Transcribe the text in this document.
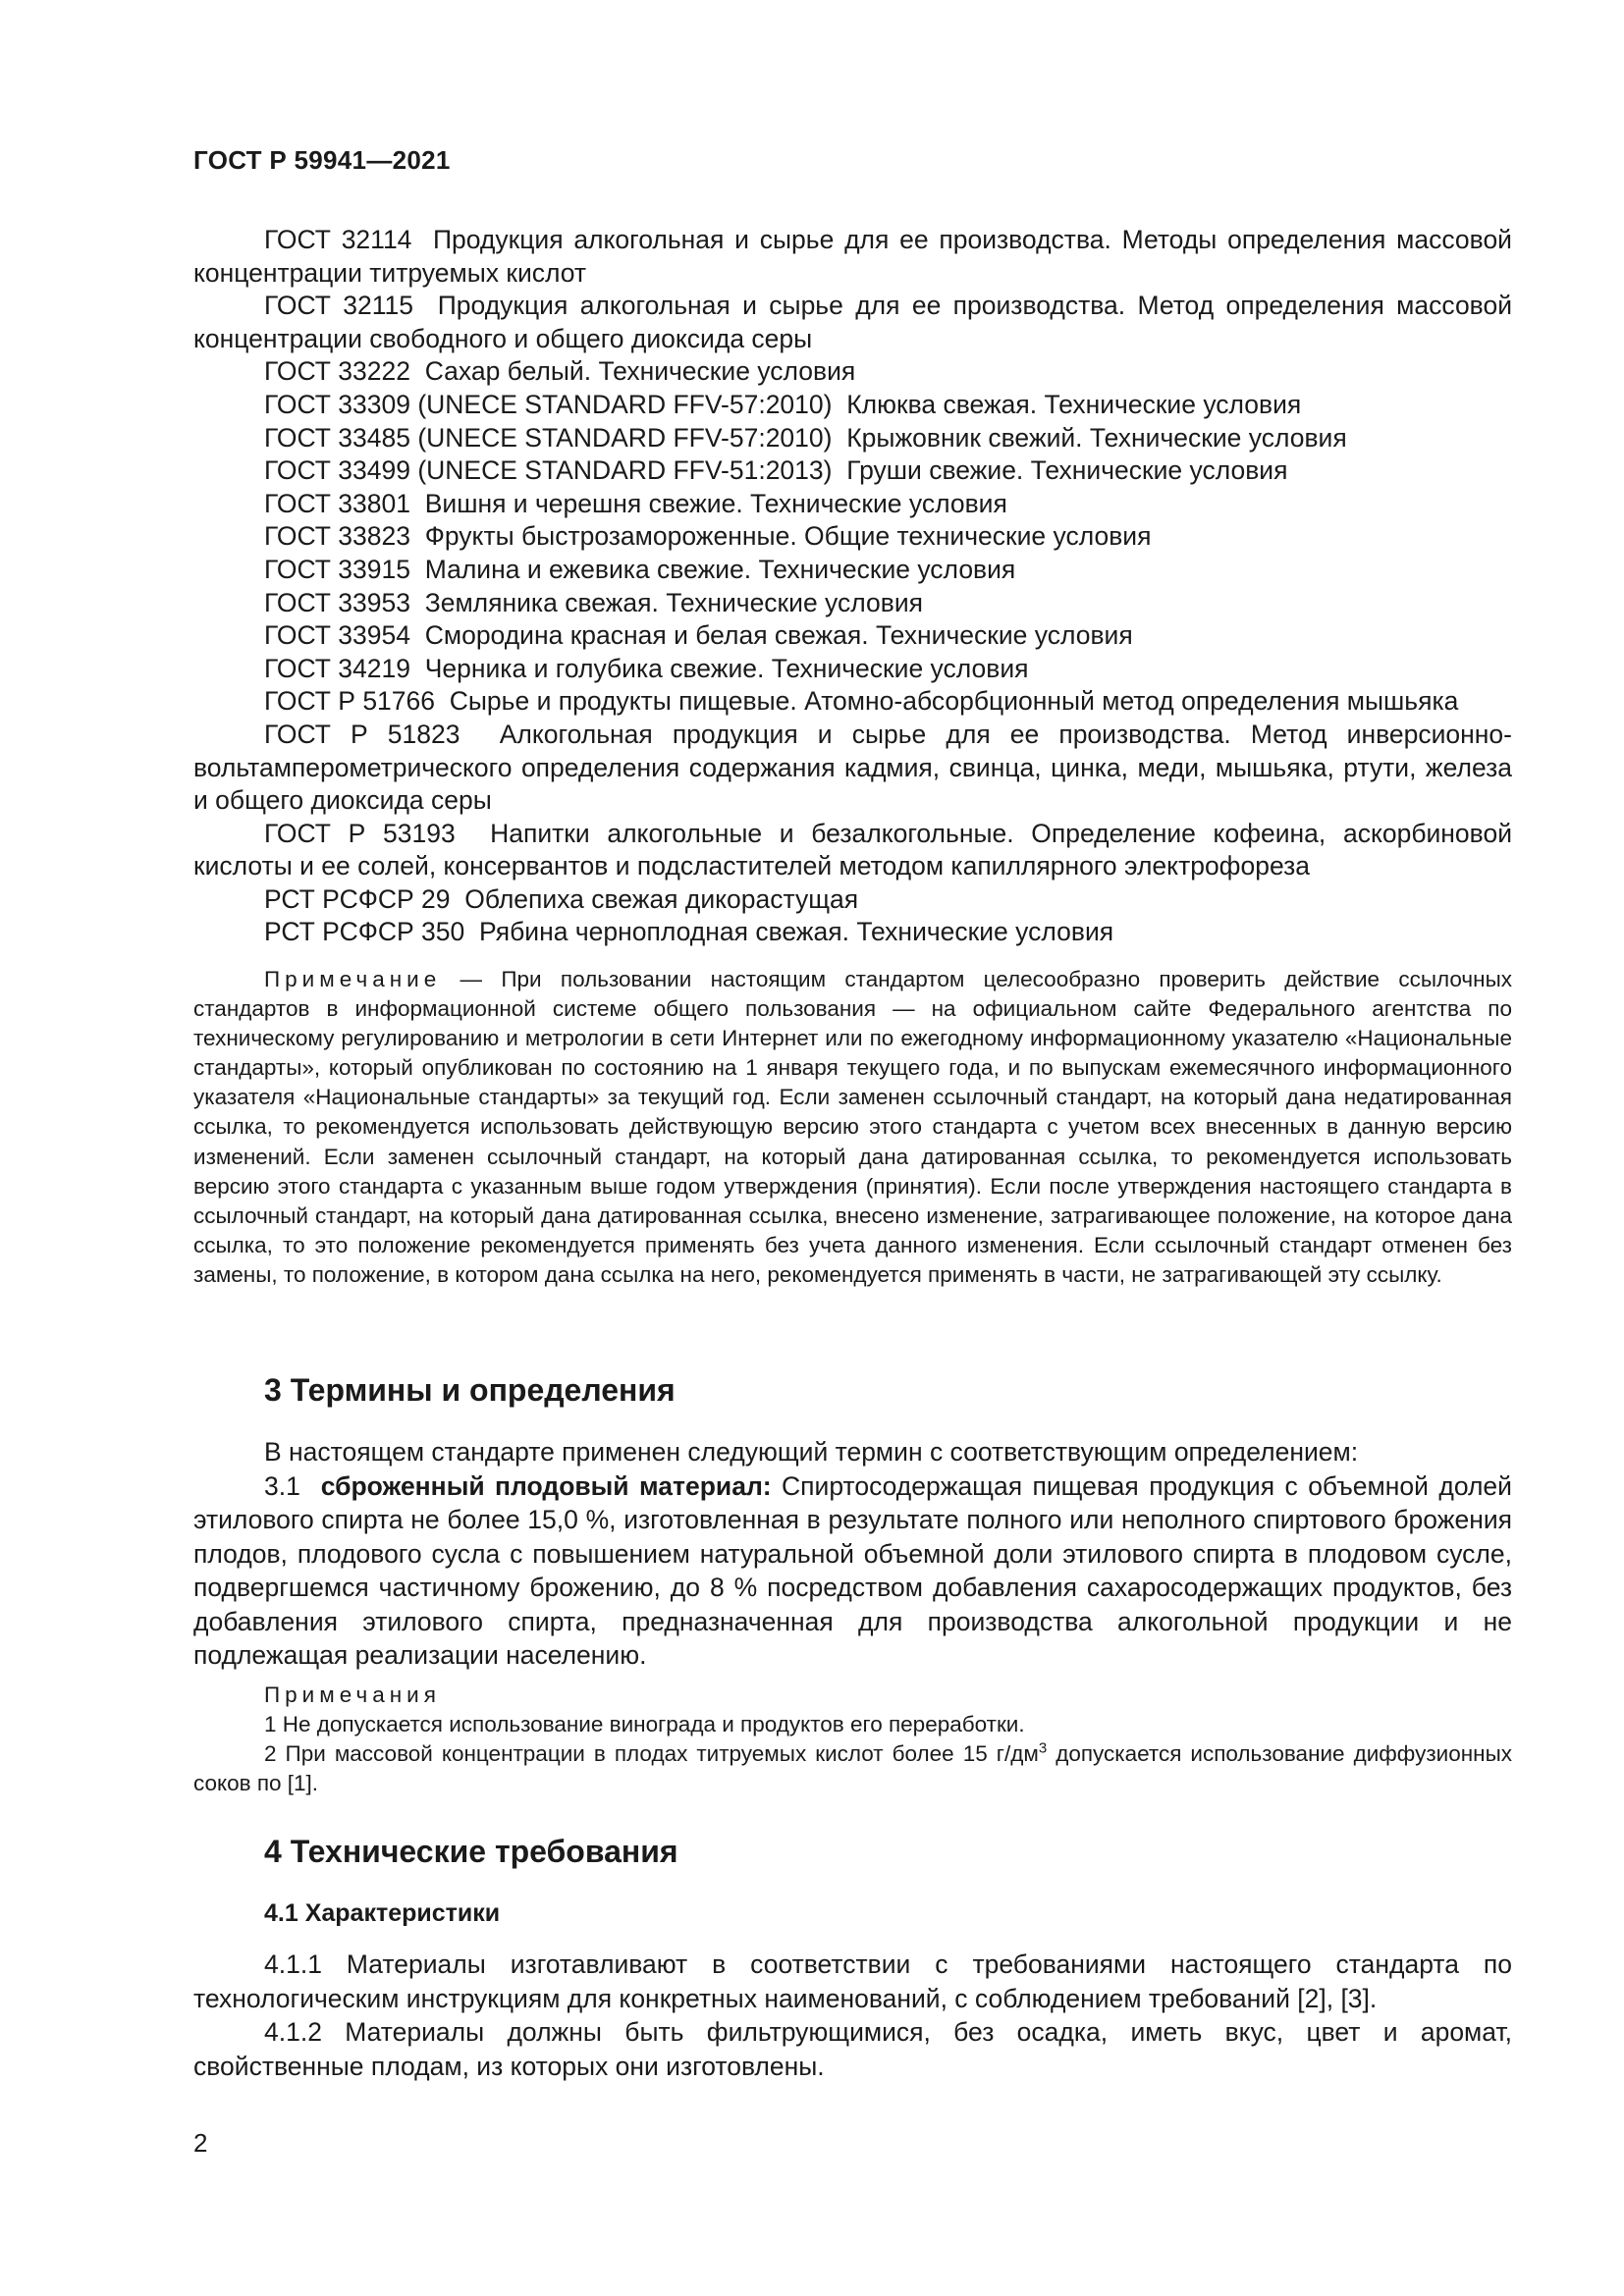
ГОСТ Р 59941—2021

ГОСТ 32114 Продукция алкогольная и сырье для ее производства. Методы определения массовой концентрации титруемых кислот

ГОСТ 32115 Продукция алкогольная и сырье для ее производства. Метод определения массовой концентрации свободного и общего диоксида серы

ГОСТ 33222 Сахар белый. Технические условия

ГОСТ 33309 (UNECE STANDARD FFV-57:2010) Клюква свежая. Технические условия

ГОСТ 33485 (UNECE STANDARD FFV-57:2010) Крыжовник свежий. Технические условия

ГОСТ 33499 (UNECE STANDARD FFV-51:2013) Груши свежие. Технические условия

ГОСТ 33801 Вишня и черешня свежие. Технические условия

ГОСТ 33823 Фрукты быстрозамороженные. Общие технические условия

ГОСТ 33915 Малина и ежевика свежие. Технические условия

ГОСТ 33953 Земляника свежая. Технические условия

ГОСТ 33954 Смородина красная и белая свежая. Технические условия

ГОСТ 34219 Черника и голубика свежие. Технические условия

ГОСТ Р 51766 Сырье и продукты пищевые. Атомно-абсорбционный метод определения мышьяка

ГОСТ Р 51823 Алкогольная продукция и сырье для ее производства. Метод инверсионно-вольтамперометрического определения содержания кадмия, свинца, цинка, меди, мышьяка, ртути, железа и общего диоксида серы

ГОСТ Р 53193 Напитки алкогольные и безалкогольные. Определение кофеина, аскорбиновой кислоты и ее солей, консервантов и подсластителей методом капиллярного электрофореза

РСТ РСФСР 29 Облепиха свежая дикорастущая

РСТ РСФСР 350 Рябина черноплодная свежая. Технические условия

Примечание — При пользовании настоящим стандартом целесообразно проверить действие ссылочных стандартов в информационной системе общего пользования — на официальном сайте Федерального агентства по техническому регулированию и метрологии в сети Интернет или по ежегодному информационному указателю «Национальные стандарты», который опубликован по состоянию на 1 января текущего года, и по выпускам ежемесячного информационного указателя «Национальные стандарты» за текущий год. Если заменен ссылочный стандарт, на который дана недатированная ссылка, то рекомендуется использовать действующую версию этого стандарта с учетом всех внесенных в данную версию изменений. Если заменен ссылочный стандарт, на который дана датированная ссылка, то рекомендуется использовать версию этого стандарта с указанным выше годом утверждения (принятия). Если после утверждения настоящего стандарта в ссылочный стандарт, на который дана датированная ссылка, внесено изменение, затрагивающее положение, на которое дана ссылка, то это положение рекомендуется применять без учета данного изменения. Если ссылочный стандарт отменен без замены, то положение, в котором дана ссылка на него, рекомендуется применять в части, не затрагивающей эту ссылку.

3 Термины и определения

В настоящем стандарте применен следующий термин с соответствующим определением:

3.1 сброженный плодовый материал: Спиртосодержащая пищевая продукция с объемной долей этилового спирта не более 15,0 %, изготовленная в результате полного или неполного спиртового брожения плодов, плодового сусла с повышением натуральной объемной доли этилового спирта в плодовом сусле, подвергшемся частичному брожению, до 8 % посредством добавления сахаросодержащих продуктов, без добавления этилового спирта, предназначенная для производства алкогольной продукции и не подлежащая реализации населению.

Примечания

1 Не допускается использование винограда и продуктов его переработки.

2 При массовой концентрации в плодах титруемых кислот более 15 $г/дм^3$ допускается использование диффузионных соков по [1].

4 Технические требования
4.1 Характеристики

4.1.1 Материалы изготавливают в соответствии с требованиями настоящего стандарта по технологическим инструкциям для конкретных наименований, с соблюдением требований [2], [3].

4.1.2 Материалы должны быть фильтрующимися, без осадка, иметь вкус, цвет и аромат, свойственные плодам, из которых они изготовлены.

2
